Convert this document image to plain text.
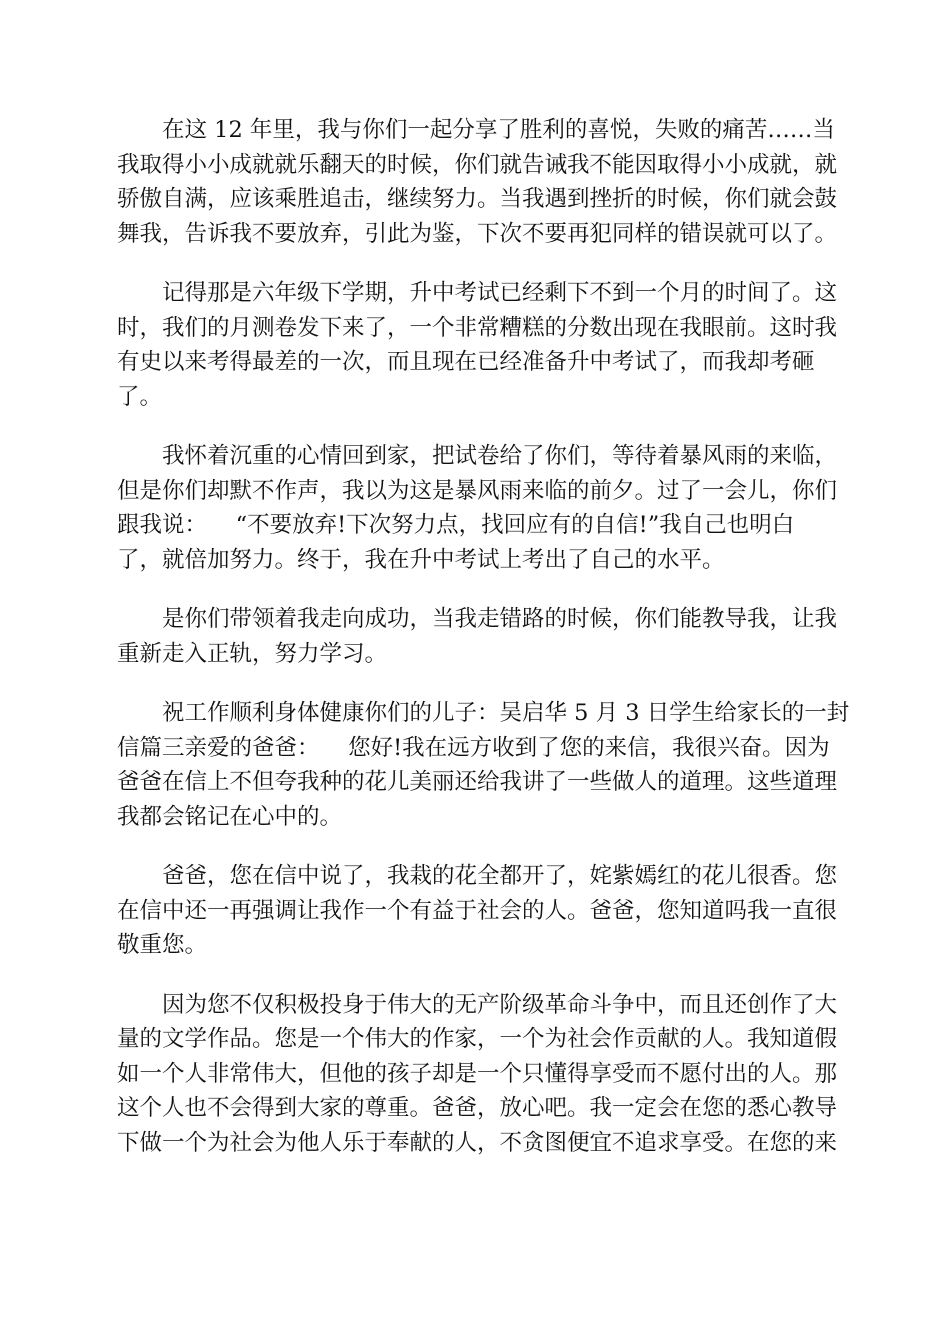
在这 12 年里，我与你们一起分享了胜利的喜悦，失败的痛苦……当
我取得小小成就就乐翻天的时候，你们就告诫我不能因取得小小成就，就
骄傲自满，应该乘胜追击，继续努力。当我遇到挫折的时候，你们就会鼓
舞我，告诉我不要放弃，引此为鉴，下次不要再犯同样的错误就可以了。
记得那是六年级下学期，升中考试已经剩下不到一个月的时间了。这
时，我们的月测卷发下来了，一个非常糟糕的分数出现在我眼前。这时我
有史以来考得最差的一次，而且现在已经准备升中考试了，而我却考砸
了。
我怀着沉重的心情回到家，把试卷给了你们，等待着暴风雨的来临，
但是你们却默不作声，我以为这是暴风雨来临的前夕。过了一会儿，你们
跟我说：    “不要放弃!下次努力点，找回应有的自信!”我自己也明白
了，就倍加努力。终于，我在升中考试上考出了自己的水平。
是你们带领着我走向成功，当我走错路的时候，你们能教导我，让我
重新走入正轨，努力学习。
祝工作顺利身体健康你们的儿子：吴启华 5 月 3 日学生给家长的一封
信篇三亲爱的爸爸：    您好!我在远方收到了您的来信，我很兴奋。因为
爸爸在信上不但夸我种的花儿美丽还给我讲了一些做人的道理。这些道理
我都会铭记在心中的。
爸爸，您在信中说了，我栽的花全都开了，姹紫嫣红的花儿很香。您
在信中还一再强调让我作一个有益于社会的人。爸爸，您知道吗我一直很
敬重您。
因为您不仅积极投身于伟大的无产阶级革命斗争中，而且还创作了大
量的文学作品。您是一个伟大的作家，一个为社会作贡献的人。我知道假
如一个人非常伟大，但他的孩子却是一个只懂得享受而不愿付出的人。那
这个人也不会得到大家的尊重。爸爸，放心吧。我一定会在您的悉心教导
下做一个为社会为他人乐于奉献的人，不贪图便宜不追求享受。在您的来
